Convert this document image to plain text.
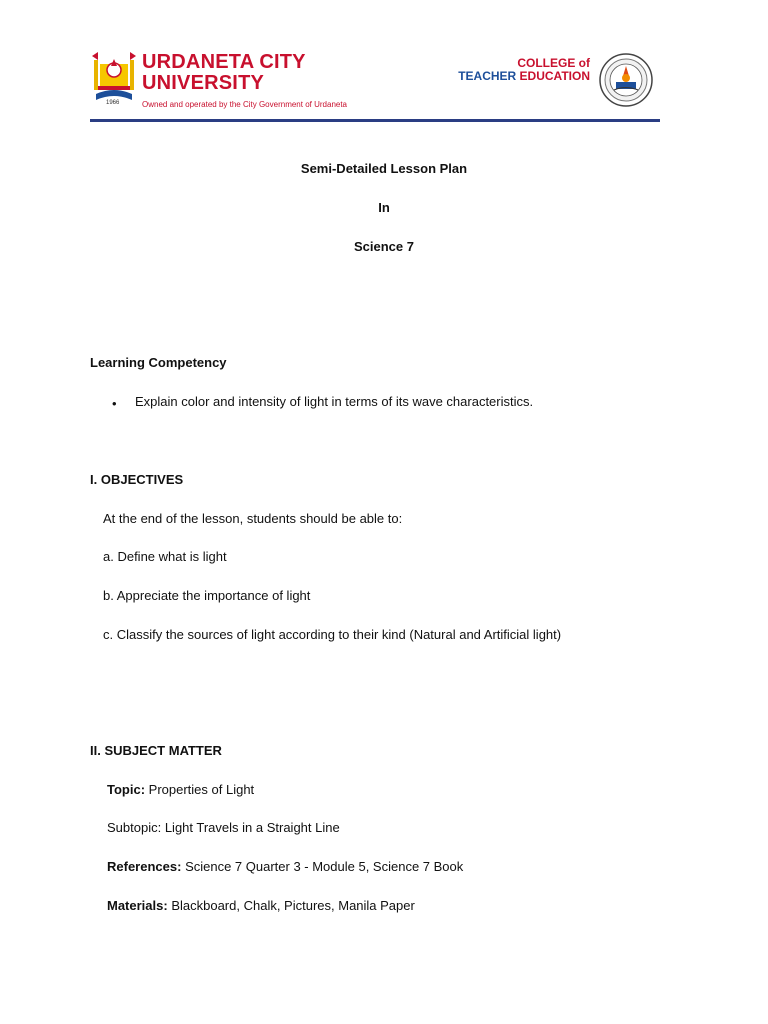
1966
URDANETA CITY
UNIVERSITY
Owned and operated by the City Government of Urdaneta
COLLEGE of
TEACHER EDUCATION
Semi-Detailed Lesson Plan
In
Science 7
Learning Competency
• Explain color and intensity of light in terms of its wave characteristics.
I. OBJECTIVES
At the end of the lesson, students should be able to:
a. Define what is light
b. Appreciate the importance of light
c. Classify the sources of light according to their kind (Natural and Artificial light)
II. SUBJECT MATTER
Topic: Properties of Light
Subtopic: Light Travels in a Straight Line
References: Science 7 Quarter 3 - Module 5, Science 7 Book
Materials: Blackboard, Chalk, Pictures, Manila Paper
